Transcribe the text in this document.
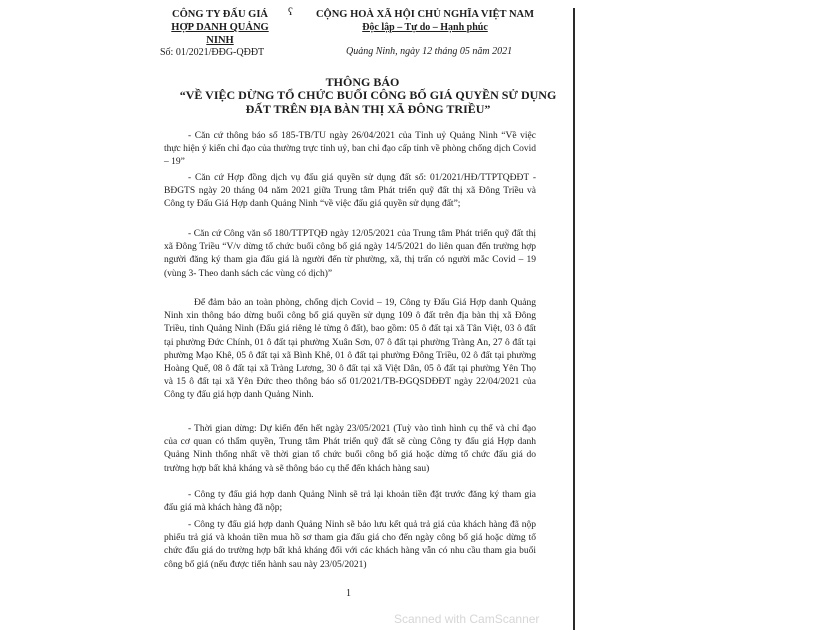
ʕ
CÔNG TY ĐẤU GIÁ
HỢP DANH QUẢNG NINH
CỘNG HOÀ XÃ HỘI CHỦ NGHĨA VIỆT NAM
Độc lập – Tự do – Hạnh phúc
Số: 01/2021/ĐĐG-QĐĐT	Quảng Ninh, ngày 12 tháng 05 năm 2021
THÔNG BÁO
“VỀ VIỆC DỪNG TỔ CHỨC BUỔI CÔNG BỐ GIÁ QUYỀN SỬ DỤNG ĐẤT TRÊN ĐỊA BÀN THỊ XÃ ĐÔNG TRIỀU”
- Căn cứ thông báo số 185-TB/TU ngày 26/04/2021 của Tỉnh uỷ Quảng Ninh “Về việc thực hiện ý kiến chỉ đạo của thường trực tỉnh uỷ, ban chỉ đạo cấp tỉnh về phòng chống dịch Covid – 19”
- Căn cứ Hợp đồng dịch vụ đấu giá quyền sử dụng đất số: 01/2021/HĐ/TTPTQĐĐT - BĐGTS ngày 20 tháng 04 năm 2021 giữa Trung tâm Phát triển quỹ đất thị xã Đông Triều và Công ty Đấu Giá Hợp danh Quảng Ninh “về việc đấu giá quyền sử dụng đất”;
- Căn cứ Công văn số 180/TTPTQĐ ngày 12/05/2021 của Trung tâm Phát triển quỹ đất thị xã Đông Triều “V/v dừng tổ chức buổi công bố giá ngày 14/5/2021 do liên quan đến trường hợp người đăng ký tham gia đấu giá là người đến từ phường, xã, thị trấn có người mắc Covid – 19 (vùng 3- Theo danh sách các vùng có dịch)”
Để đảm bảo an toàn phòng, chống dịch Covid – 19, Công ty Đấu Giá Hợp danh Quảng Ninh xin thông báo dừng buổi công bố giá quyền sử dụng 109 ô đất trên địa bàn thị xã Đông Triều, tỉnh Quảng Ninh (Đấu giá riêng lẻ từng ô đất), bao gồm: 05 ô đất tại xã Tân Việt, 03 ô đất tại phường Đức Chính, 01 ô đất tại phường Xuân Sơn, 07 ô đất tại phường Tràng An, 27 ô đất tại phường Mạo Khê, 05 ô đất tại xã Bình Khê, 01 ô đất tại phường Đông Triều, 02 ô đất tại phường Hoàng Quế, 08 ô đất tại xã Tràng Lương, 30 ô đất tại xã Việt Dân, 05 ô đất tại phường Yên Thọ và 15 ô đất tại xã Yên Đức theo thông báo số 01/2021/TB-ĐGQSDĐĐT ngày 22/04/2021 của Công ty đấu giá hợp danh Quảng Ninh.
- Thời gian dừng: Dự kiến đến hết ngày 23/05/2021 (Tuỳ vào tình hình cụ thể và chỉ đạo của cơ quan có thẩm quyền, Trung tâm Phát triển quỹ đất sẽ cùng Công ty đấu giá Hợp danh Quảng Ninh thống nhất về thời gian tổ chức buổi công bố giá hoặc dừng tổ chức đấu giá do trường hợp bất khả kháng và sẽ thông báo cụ thể đến khách hàng sau)
- Công ty đấu giá hợp danh Quảng Ninh sẽ trả lại khoản tiền đặt trước đăng ký tham gia đấu giá mà khách hàng đã nộp;
- Công ty đấu giá hợp danh Quảng Ninh sẽ bảo lưu kết quả trả giá của khách hàng đã nộp phiếu trả giá và khoản tiền mua hồ sơ tham gia đấu giá cho đến ngày công bố giá hoặc dừng tổ chức đấu giá do trường hợp bất khả kháng đối với các khách hàng vẫn có nhu cầu tham gia buổi công bố giá (nếu được tiến hành sau này 23/05/2021)
1
Scanned with CamScanner
